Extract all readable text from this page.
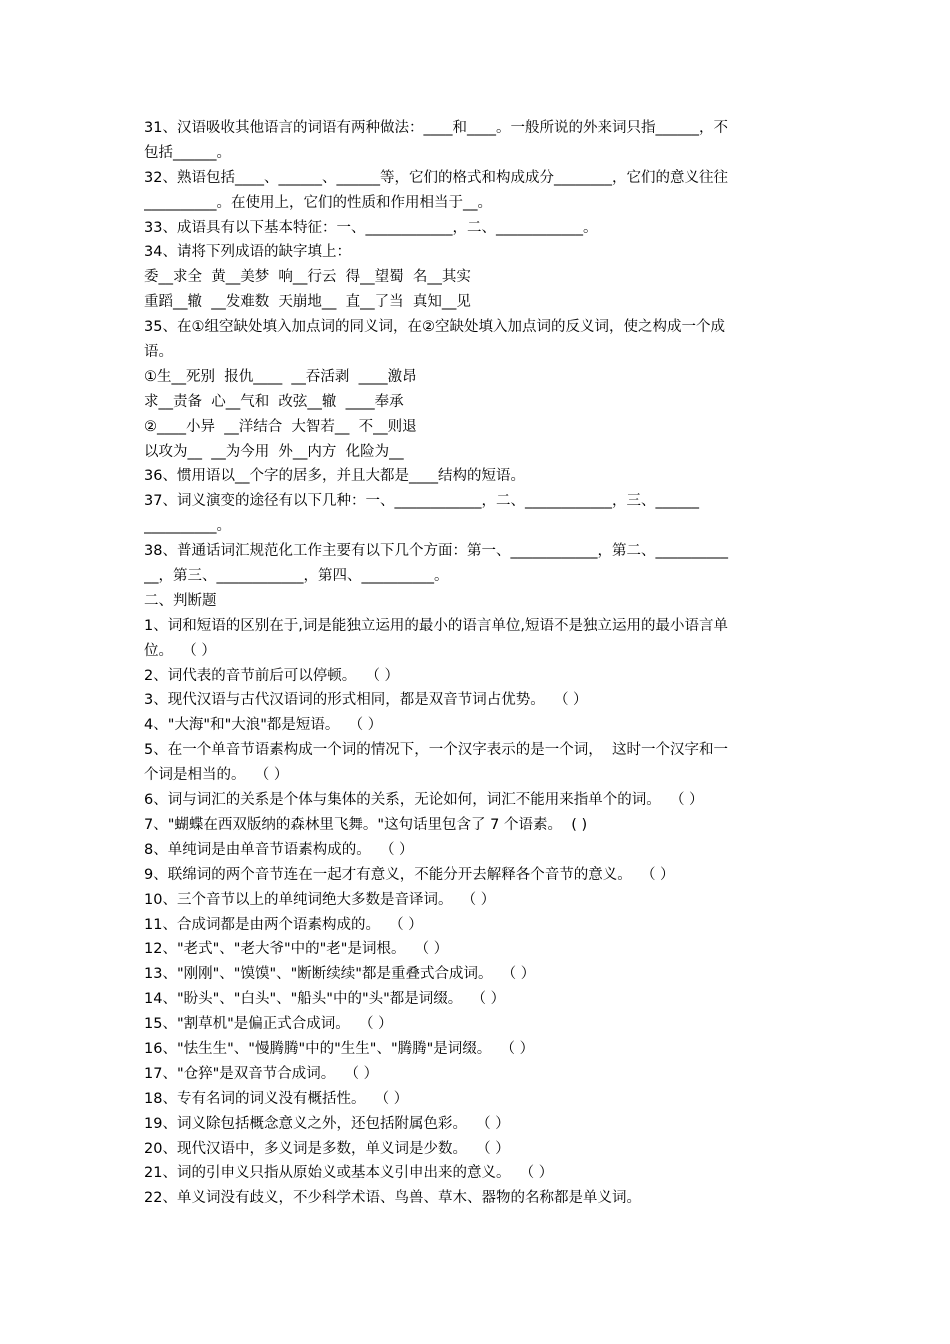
31、汉语吸收其他语言的词语有两种做法：____和____。一般所说的外来词只指______，不
包括______。
32、熟语包括____、______、______等，它们的格式和构成成分________，它们的意义往往
__________。在使用上，它们的性质和作用相当于__。
33、成语具有以下基本特征：一、____________，二、____________。
34、请将下列成语的缺字填上：
委__求全  黄__美梦  响__行云  得__望蜀  名__其实
重蹈__辙  __发难数  天崩地__  直__了当  真知__见
35、在①组空缺处填入加点词的同义词，在②空缺处填入加点词的反义词，使之构成一个成
语。
①生__死别  报仇____  __吞活剥  ____激昂
求__责备  心__气和  改弦__辙  ____奉承
②____小异  __洋结合  大智若__  不__则退
以攻为__  __为今用  外__内方  化险为__
36、惯用语以__个字的居多，并且大都是____结构的短语。
37、词义演变的途径有以下几种：一、____________，二、____________，三、______
__________。
38、普通话词汇规范化工作主要有以下几个方面：第一、____________，第二、__________
__，第三、____________，第四、__________。
二、判断题
1、词和短语的区别在于,词是能独立运用的最小的语言单位,短语不是独立运用的最小语言单
位。  （ ）
2、词代表的音节前后可以停顿。  （ ）
3、现代汉语与古代汉语词的形式相同，都是双音节词占优势。  （ ）
4、"大海"和"大浪"都是短语。  （ ）
5、在一个单音节语素构成一个词的情况下，一个汉字表示的是一个词，  这时一个汉字和一
个词是相当的。  （ ）
6、词与词汇的关系是个体与集体的关系，无论如何，词汇不能用来指单个的词。  （ ）
7、"蝴蝶在西双版纳的森林里飞舞。"这句话里包含了 7 个语素。  ( )
8、单纯词是由单音节语素构成的。  （ ）
9、联绵词的两个音节连在一起才有意义，不能分开去解释各个音节的意义。  （ ）
10、三个音节以上的单纯词绝大多数是音译词。  （ ）
11、合成词都是由两个语素构成的。  （ ）
12、"老式"、"老大爷"中的"老"是词根。  （ ）
13、"刚刚"、"馍馍"、"断断续续"都是重叠式合成词。  （ ）
14、"盼头"、"白头"、"船头"中的"头"都是词缀。  （ ）
15、"割草机"是偏正式合成词。  （ ）
16、"怯生生"、"慢腾腾"中的"生生"、"腾腾"是词缀。  （ ）
17、"仓猝"是双音节合成词。  （ ）
18、专有名词的词义没有概括性。  （ ）
19、词义除包括概念意义之外，还包括附属色彩。  （ ）
20、现代汉语中，多义词是多数，单义词是少数。  （ ）
21、词的引申义只指从原始义或基本义引申出来的意义。  （ ）
22、单义词没有歧义，不少科学术语、鸟兽、草木、器物的名称都是单义词。
